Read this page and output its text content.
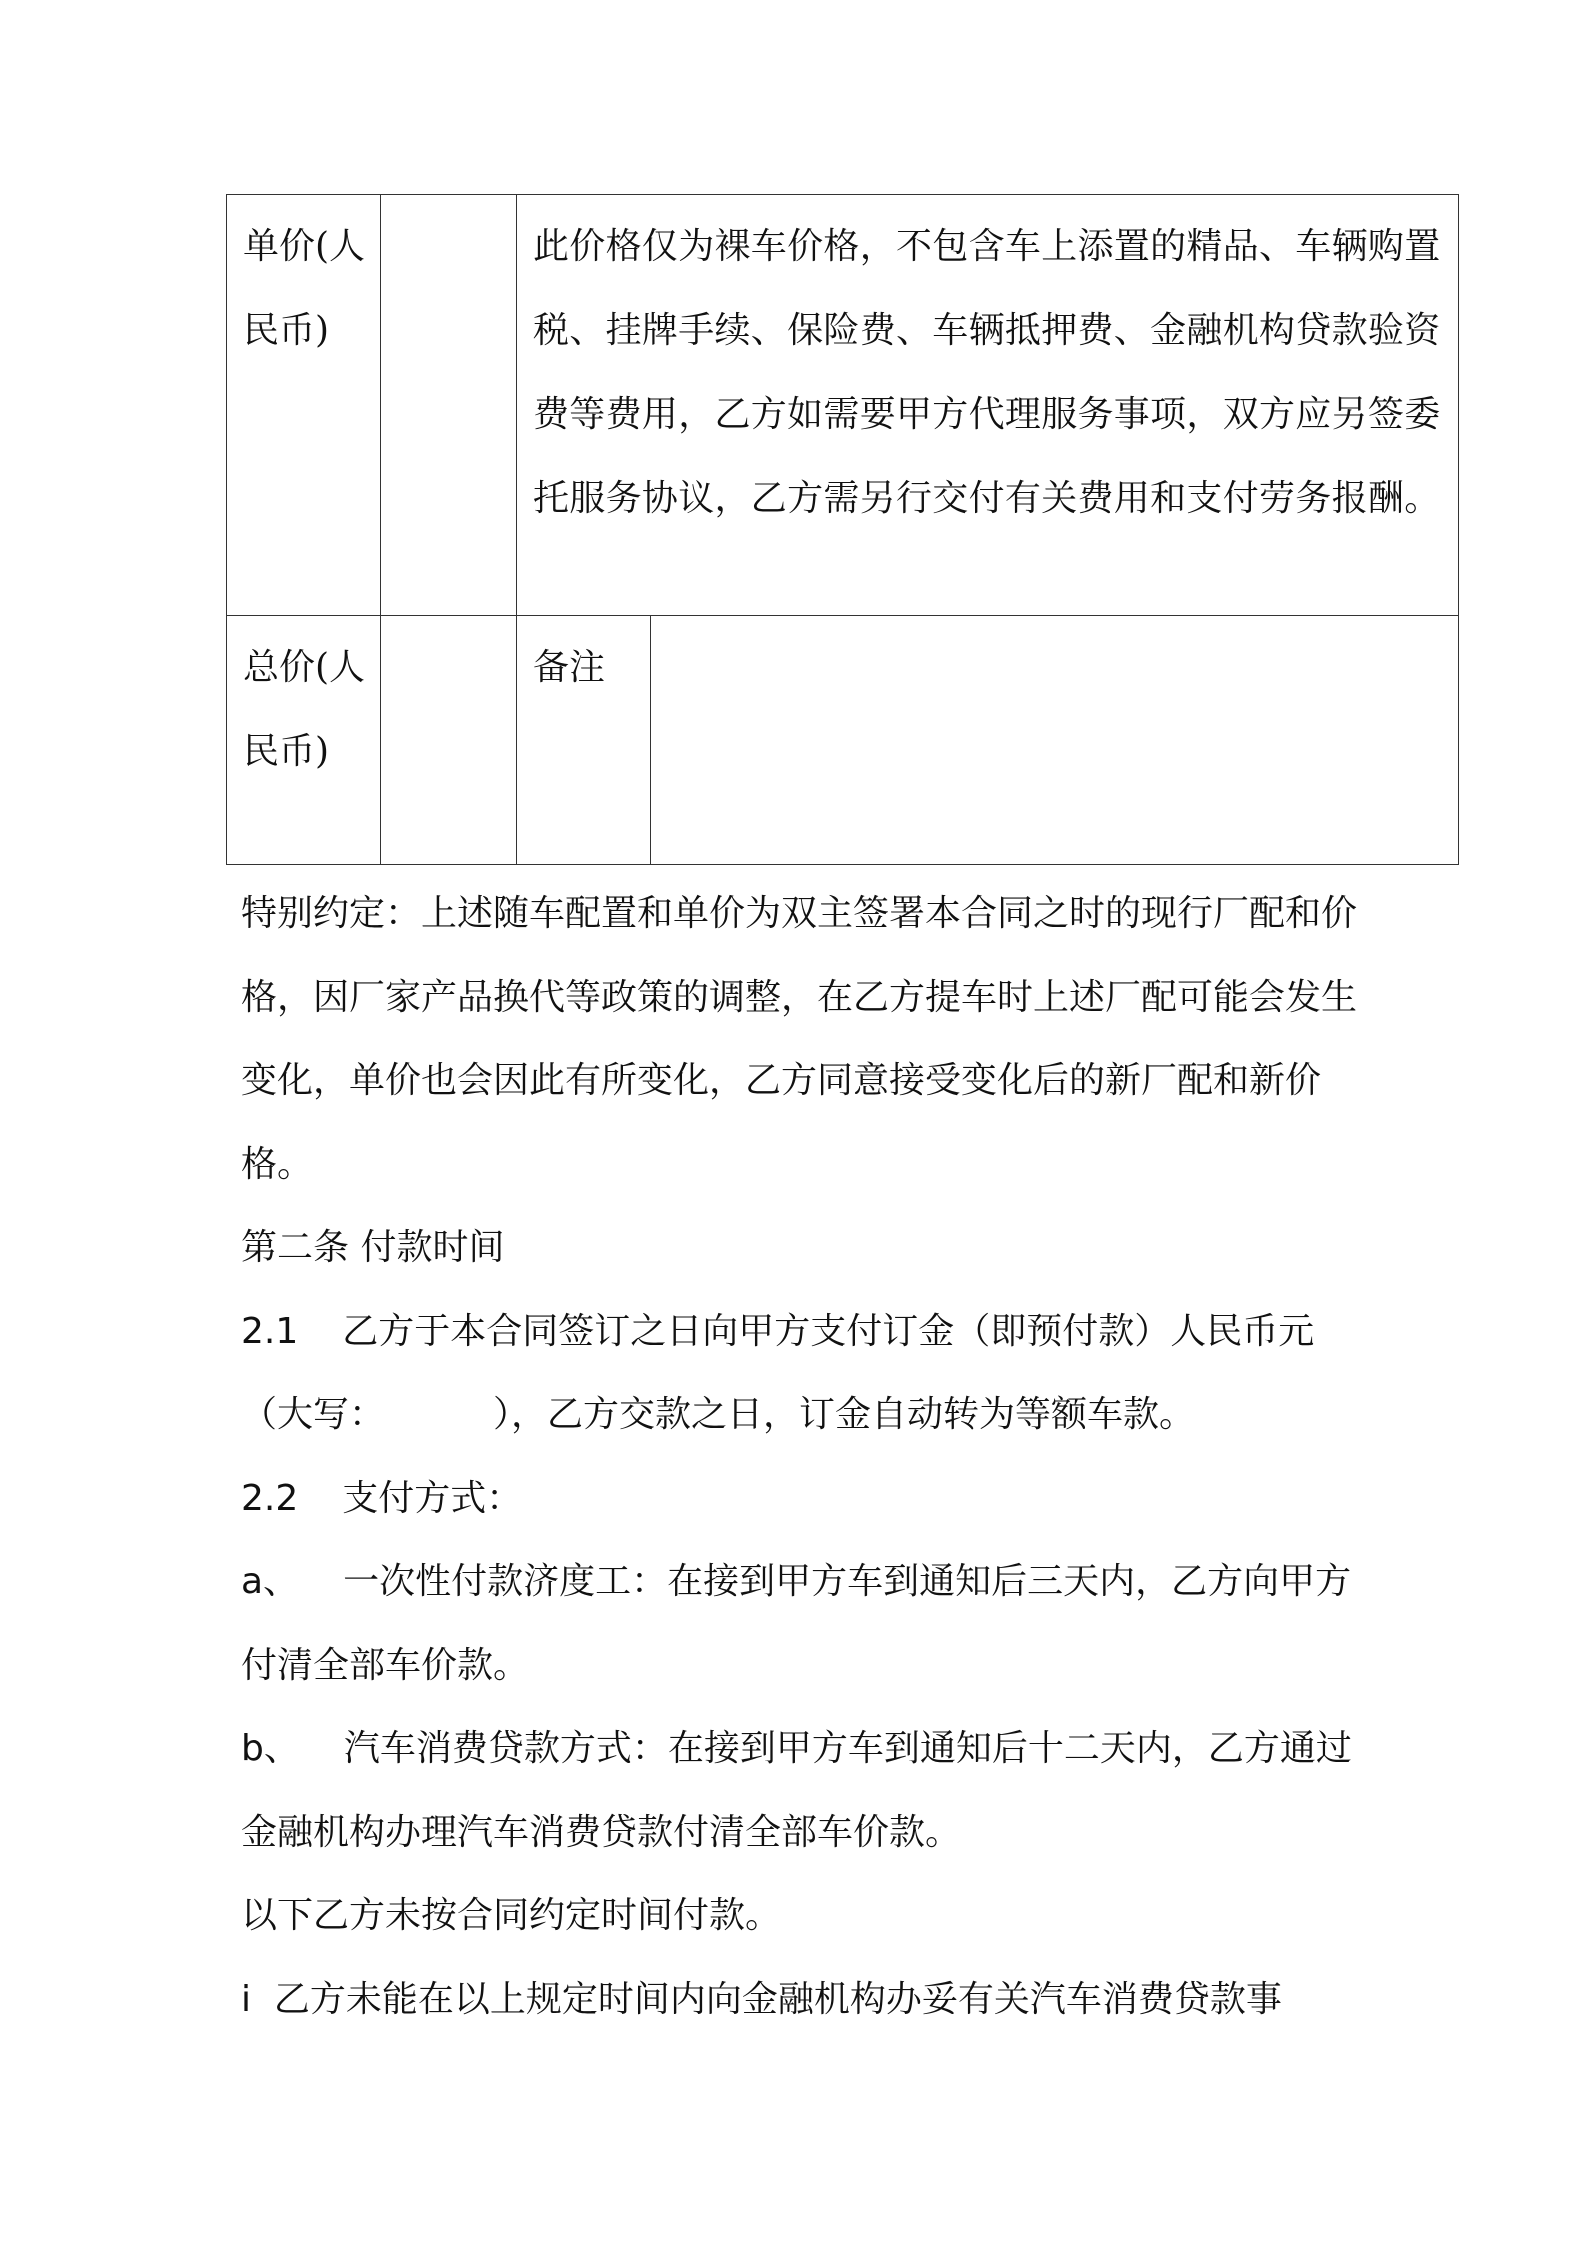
单价(人民币)		此价格仅为裸车价格，不包含车上添置的精品、车辆购置税、挂牌手续、保险费、车辆抵押费、金融机构贷款验资费等费用，乙方如需要甲方代理服务事项，双方应另签委托服务协议，乙方需另行交付有关费用和支付劳务报酬。	
总价(人民币)		备注	

特别约定：上述随车配置和单价为双主签署本合同之时的现行厂配和价格，因厂家产品换代等政策的调整，在乙方提车时上述厂配可能会发生变化，单价也会因此有所变化，乙方同意接受变化后的新厂配和新价格。

第二条 付款时间

2.1 乙方于本合同签订之日向甲方支付订金（即预付款）人民币元（大写：	），乙方交款之日，订金自动转为等额车款。

2.2 支付方式：

a、 一次性付款济度工：在接到甲方车到通知后三天内，乙方向甲方付清全部车价款。

b、 汽车消费贷款方式：在接到甲方车到通知后十二天内，乙方通过金融机构办理汽车消费贷款付清全部车价款。

以下乙方未按合同约定时间付款。

i 乙方未能在以上规定时间内向金融机构办妥有关汽车消费贷款事
